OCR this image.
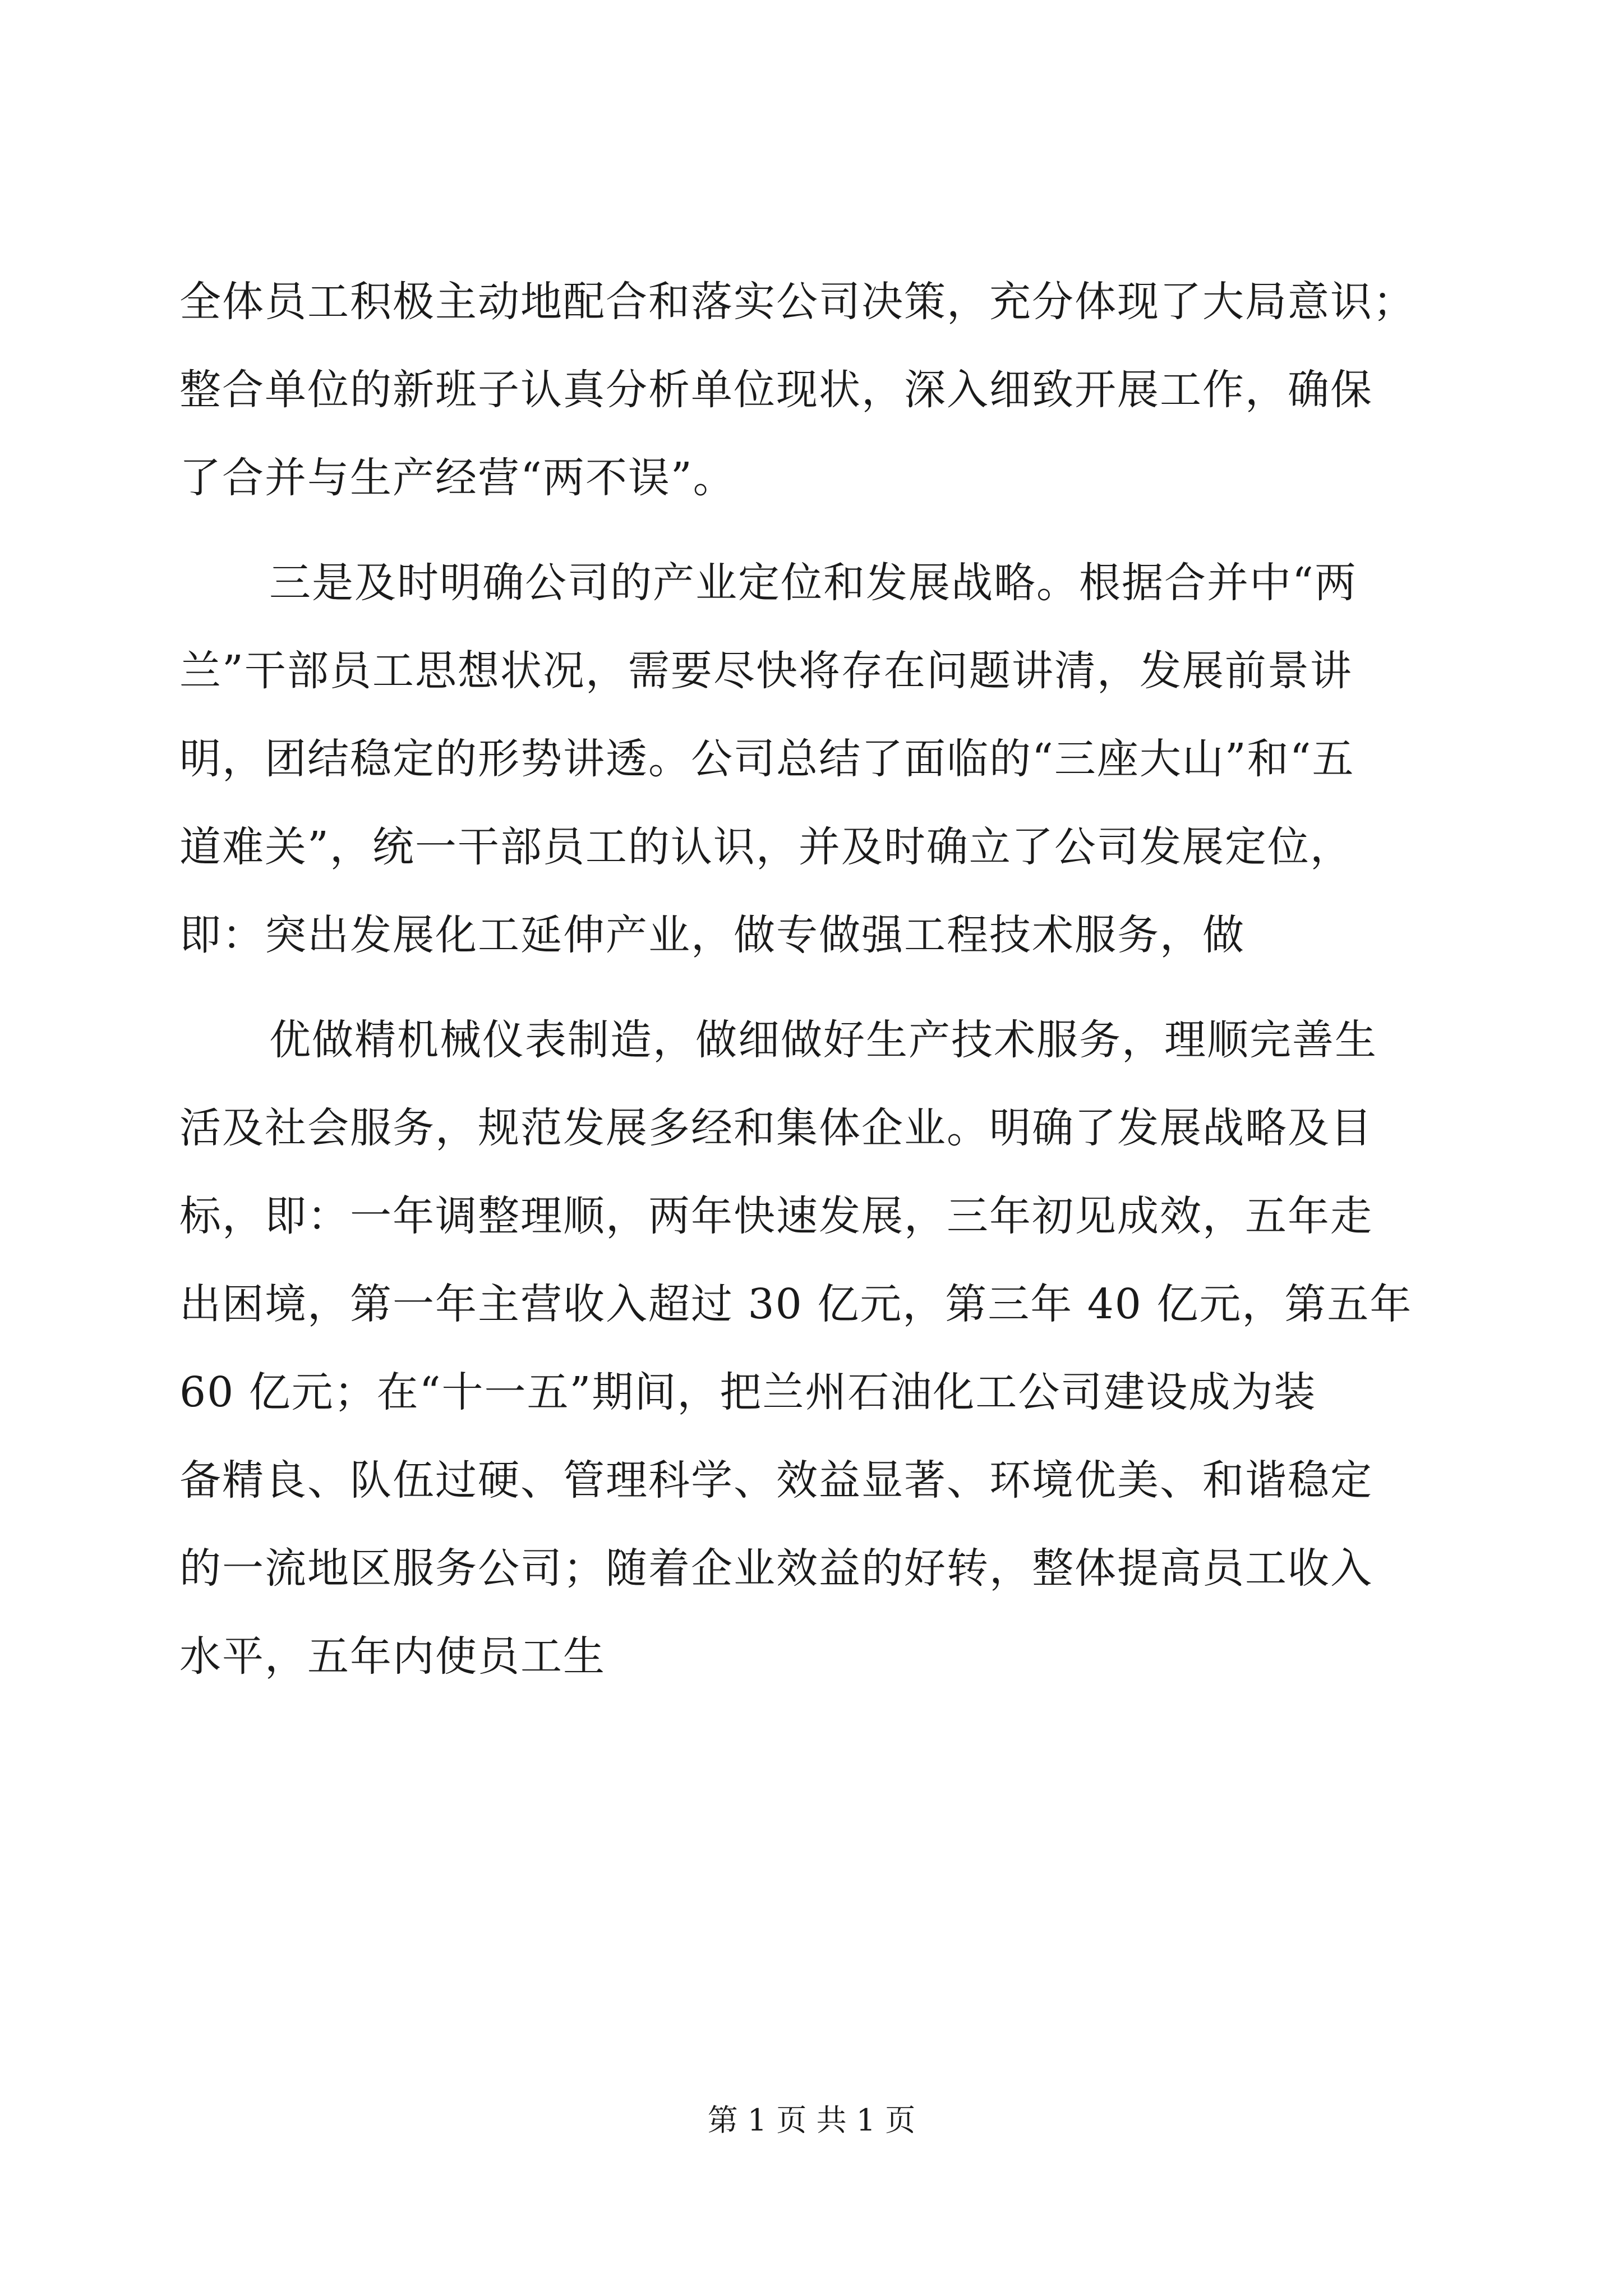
全体员工积极主动地配合和落实公司决策，充分体现了大局意识；
整合单位的新班子认真分析单位现状，深入细致开展工作，确保
了合并与生产经营“两不误”。
三是及时明确公司的产业定位和发展战略。根据合并中“两
兰”干部员工思想状况，需要尽快将存在问题讲清，发展前景讲
明，团结稳定的形势讲透。公司总结了面临的“三座大山”和“五
道难关”，统一干部员工的认识，并及时确立了公司发展定位，
即：突出发展化工延伸产业，做专做强工程技术服务，做
优做精机械仪表制造，做细做好生产技术服务，理顺完善生
活及社会服务，规范发展多经和集体企业。明确了发展战略及目
标，即：一年调整理顺，两年快速发展，三年初见成效，五年走
出困境，第一年主营收入超过 30 亿元，第三年 40 亿元，第五年
60 亿元；在“十一五”期间，把兰州石油化工公司建设成为装
备精良、队伍过硬、管理科学、效益显著、环境优美、和谐稳定
的一流地区服务公司；随着企业效益的好转，整体提高员工收入
水平，五年内使员工生
第 1 页 共 1 页
